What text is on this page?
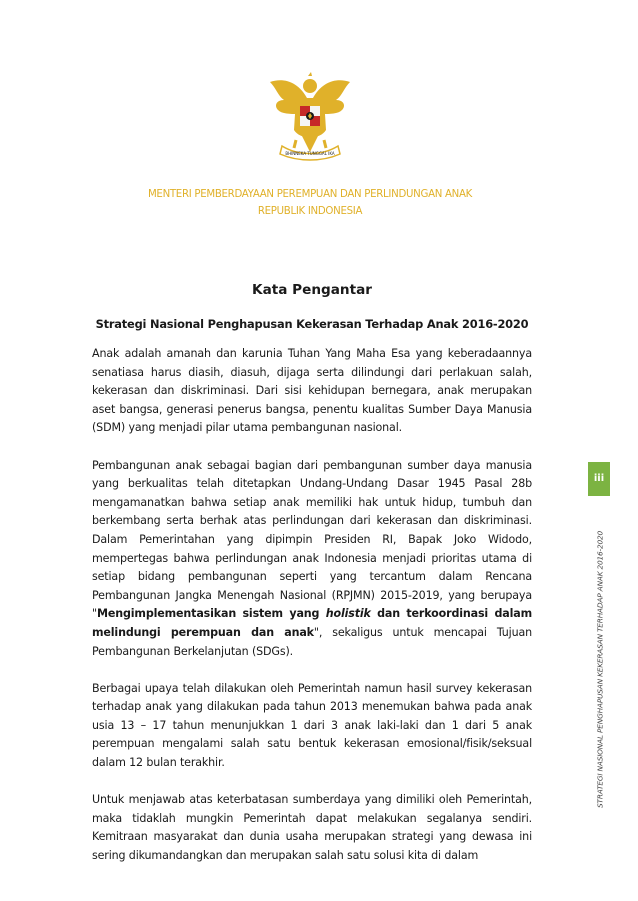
BHINNEKA TUNGGAL IKA
MENTERI PEMBERDAYAAN PEREMPUAN DAN PERLINDUNGAN ANAK
REPUBLIK INDONESIA
Kata Pengantar
Strategi Nasional Penghapusan Kekerasan Terhadap Anak 2016-2020

Anak adalah amanah dan karunia Tuhan Yang Maha Esa yang keberadaannya senatiasa harus diasih, diasuh, dijaga serta dilindungi dari perlakuan salah, kekerasan dan diskriminasi. Dari sisi kehidupan bernegara, anak merupakan aset bangsa, generasi penerus bangsa, penentu kualitas Sumber Daya Manusia (SDM) yang menjadi pilar utama pembangunan nasional.

Pembangunan anak sebagai bagian dari pembangunan sumber daya manusia yang berkualitas telah ditetapkan Undang-Undang Dasar 1945 Pasal 28b mengamanatkan bahwa setiap anak memiliki hak untuk hidup, tumbuh dan berkembang serta berhak atas perlindungan dari kekerasan dan diskriminasi. Dalam Pemerintahan yang dipimpin Presiden RI, Bapak Joko Widodo, mempertegas bahwa perlindungan anak Indonesia menjadi prioritas utama di setiap bidang pembangunan seperti yang tercantum dalam Rencana Pembangunan Jangka Menengah Nasional (RPJMN) 2015-2019, yang berupaya "Mengimplementasikan sistem yang holistik dan terkoordinasi dalam melindungi perempuan dan anak", sekaligus untuk mencapai Tujuan Pembangunan Berkelanjutan (SDGs).

Berbagai upaya telah dilakukan oleh Pemerintah namun hasil survey kekerasan terhadap anak yang dilakukan pada tahun 2013 menemukan bahwa pada anak usia 13 – 17 tahun menunjukkan 1 dari 3 anak laki-laki dan 1 dari 5 anak perempuan mengalami salah satu bentuk kekerasan emosional/fisik/seksual dalam 12 bulan terakhir.

Untuk menjawab atas keterbatasan sumberdaya yang dimiliki oleh Pemerintah, maka tidaklah mungkin Pemerintah dapat melakukan segalanya sendiri. Kemitraan masyarakat dan dunia usaha merupakan strategi yang dewasa ini sering dikumandangkan dan merupakan salah satu solusi kita di dalam

iii
STRATEGI NASIONAL PENGHAPUSAN KEKERASAN TERHADAP ANAK 2016-2020
